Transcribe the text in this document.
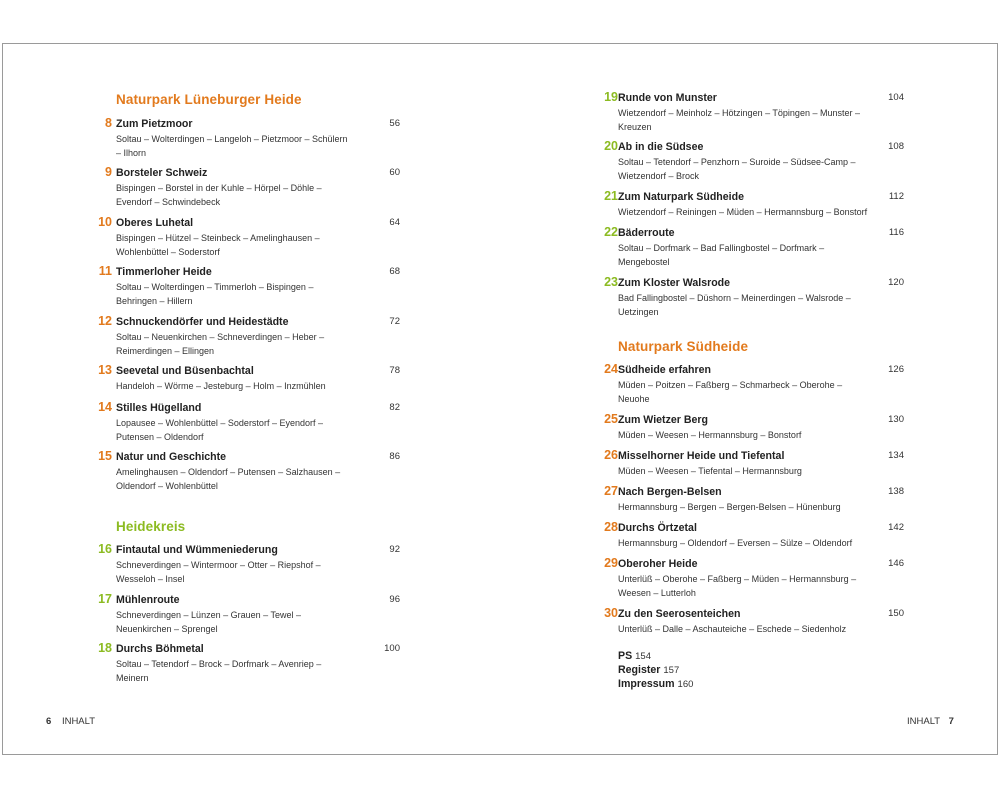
Naturpark Lüneburger Heide
8 Zum Pietzmoor
Soltau – Wolterdingen – Langeloh – Pietzmoor – Schülern – Ilhorn
56
9 Borsteler Schweiz
Bispingen – Borstel in der Kuhle – Hörpel – Döhle – Evendorf – Schwindebeck
60
10 Oberes Luhetal
Bispingen – Hützel – Steinbeck – Amelinghausen – Wohlenbüttel – Soderstorf
64
11 Timmerloher Heide
Soltau – Wolterdingen – Timmerloh – Bispingen – Behringen – Hillern
68
12 Schnuckendörfer und Heidestädte
Soltau – Neuenkirchen – Schneverdingen – Heber – Reimerdingen – Ellingen
72
13 Seevetal und Büsenbachtal
Handeloh – Wörme – Jesteburg – Holm – Inzmühlen
78
14 Stilles Hügelland
Lopausee – Wohlenbüttel – Soderstorf – Eyendorf – Putensen – Oldendorf
82
15 Natur und Geschichte
Amelinghausen – Oldendorf – Putensen – Salzhausen – Oldendorf – Wohlenbüttel
86
Heidekreis
16 Fintautal und Wümmeniederung
Schneverdingen – Wintermoor – Otter – Riepshof – Wesseloh – Insel
92
17 Mühlenroute
Schneverdingen – Lünzen – Grauen – Tewel – Neuenkirchen – Sprengel
96
18 Durchs Böhmetal
Soltau – Tetendorf – Brock – Dorfmark – Avenriep – Meinern
100
6 INHALT
19 Runde von Munster
Wietzendorf – Meinholz – Hötzingen – Töpingen – Munster – Kreuzen
104
20 Ab in die Südsee
Soltau – Tetendorf – Penzhorn – Suroide – Südsee-Camp – Wietzendorf – Brock
108
21 Zum Naturpark Südheide
Wietzendorf – Reiningen – Müden – Hermannsburg – Bonstorf
112
22 Bäderroute
Soltau – Dorfmark – Bad Fallingbostel – Dorfmark – Mengebostel
116
23 Zum Kloster Walsrode
Bad Fallingbostel – Düshorn – Meinerdingen – Walsrode – Uetzingen
120
Naturpark Südheide
24 Südheide erfahren
Müden – Poitzen – Faßberg – Schmarbeck – Oberohe – Neuohe
126
25 Zum Wietzer Berg
Müden – Weesen – Hermannsburg – Bonstorf
130
26 Misselhorner Heide und Tiefental
Müden – Weesen – Tiefental – Hermannsburg
134
27 Nach Bergen-Belsen
Hermannsburg – Bergen – Bergen-Belsen – Hünenburg
138
28 Durchs Örtzetal
Hermannsburg – Oldendorf – Eversen – Sülze – Oldendorf
142
29 Oberoher Heide
Unterlüß – Oberohe – Faßberg – Müden – Hermannsburg – Weesen – Lutterloh
146
30 Zu den Seerosenteichen
Unterlüß – Dalle – Aschauteiche – Eschede – Siedenholz
150
PS 154
Register 157
Impressum 160
INHALT 7
